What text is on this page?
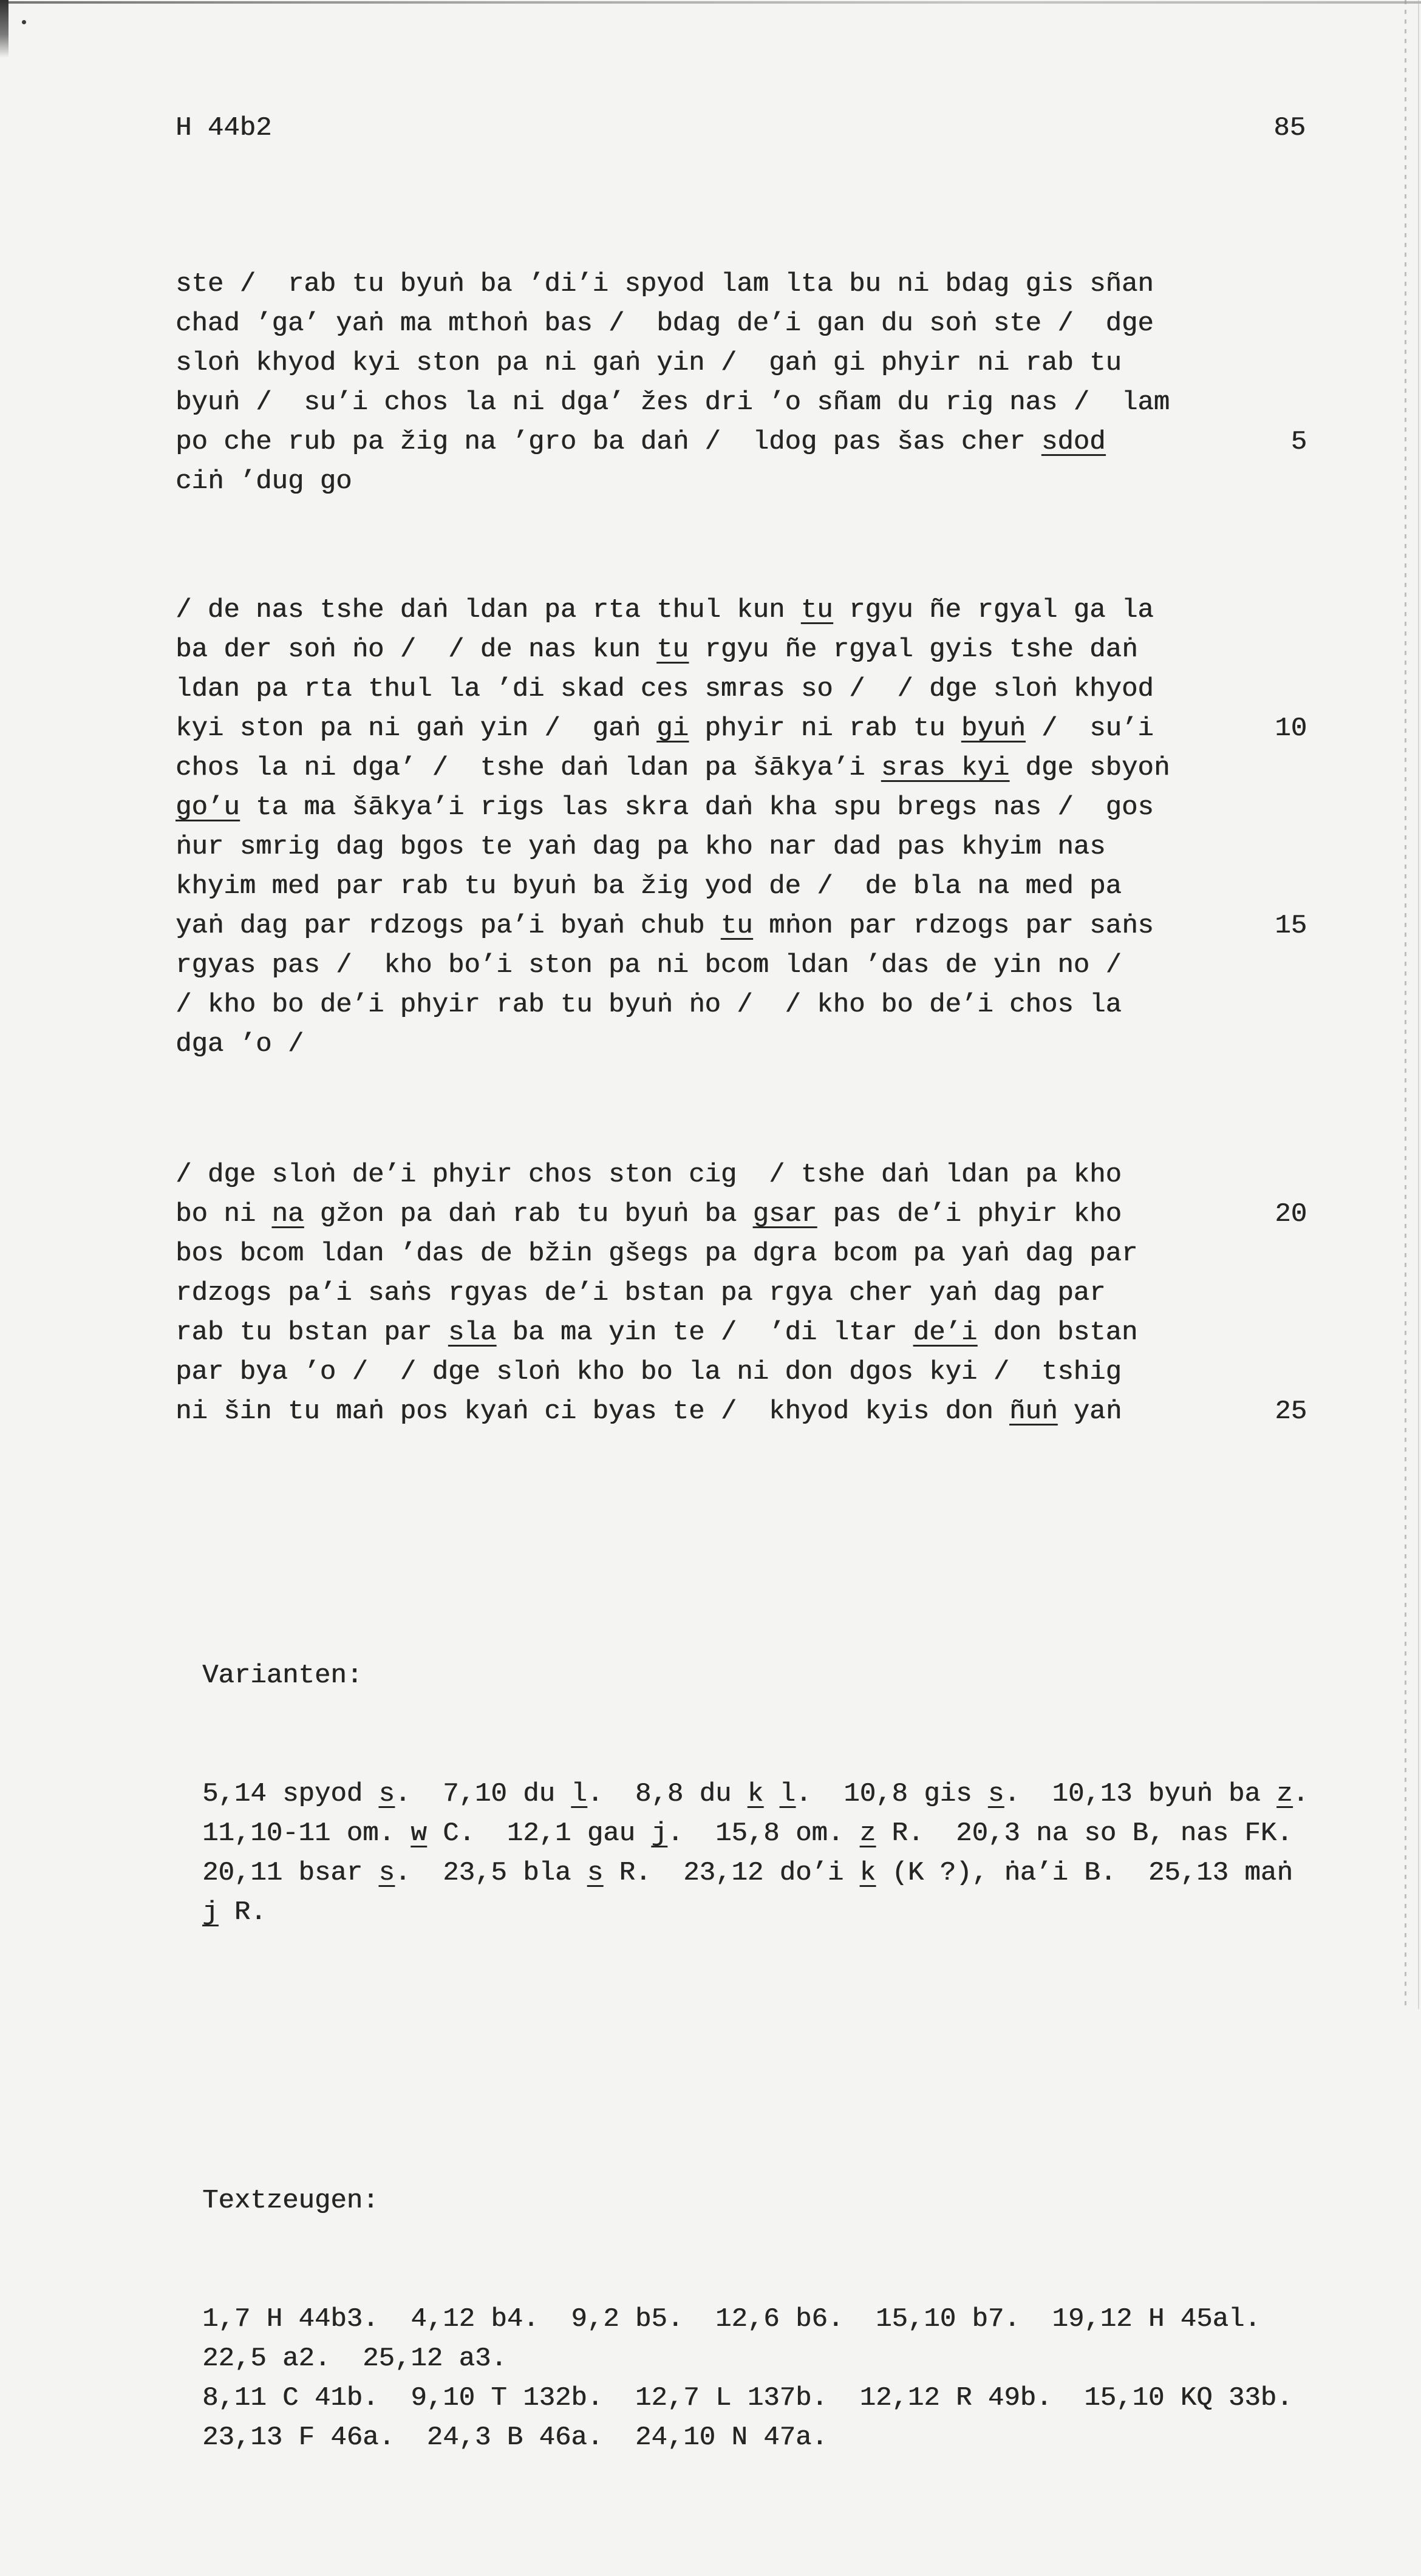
H 44b2	85

ste /  rab tu byuṅ ba ’di’i spyod lam lta bu ni bdag gis sñan
chad ’ga’ yaṅ ma mthoṅ bas /  bdag de’i gan du soṅ ste /  dge
sloṅ khyod kyi ston pa ni gaṅ yin /  gaṅ gi phyir ni rab tu
byuṅ /  su’i chos la ni dga’ žes dri ’o sñam du rig nas /  lam
po che rub pa žig na ’gro ba daṅ /  ldog pas šas cher sdod	5
ciṅ ’dug go

/ de nas tshe daṅ ldan pa rta thul kun tu rgyu ñe rgyal ga la
ba der soṅ ṅo /  / de nas kun tu rgyu ñe rgyal gyis tshe daṅ
ldan pa rta thul la ’di skad ces smras so /  / dge sloṅ khyod
kyi ston pa ni gaṅ yin /  gaṅ gi phyir ni rab tu byuṅ /  su’i	10
chos la ni dga’ /  tshe daṅ ldan pa šākya’i sras kyi dge sbyoṅ
go’u ta ma šākya’i rigs las skra daṅ kha spu bregs nas /  gos
ṅur smrig dag bgos te yaṅ dag pa kho nar dad pas khyim nas
khyim med par rab tu byuṅ ba žig yod de /  de bla na med pa
yaṅ dag par rdzogs pa’i byaṅ chub tu mṅon par rdzogs par saṅs	15
rgyas pas /  kho bo’i ston pa ni bcom ldan ’das de yin no /
/ kho bo de’i phyir rab tu byuṅ ṅo /  / kho bo de’i chos la
dga ’o /

/ dge sloṅ de’i phyir chos ston cig  / tshe daṅ ldan pa kho
bo ni na gžon pa daṅ rab tu byuṅ ba gsar pas de’i phyir kho	20
bos bcom ldan ’das de bžin gšegs pa dgra bcom pa yaṅ dag par
rdzogs pa’i saṅs rgyas de’i bstan pa rgya cher yaṅ dag par
rab tu bstan par sla ba ma yin te /  ’di ltar de’i don bstan
par bya ’o /  / dge sloṅ kho bo la ni don dgos kyi /  tshig
ni šin tu maṅ pos kyaṅ ci byas te /  khyod kyis don ñuṅ yaṅ	25

Varianten:

5,14 spyod s.  7,10 du l.  8,8 du k l.  10,8 gis s.  10,13 byuṅ ba z.
11,10-11 om. w C.  12,1 gau j.  15,8 om. z R.  20,3 na so B, nas FK.
20,11 bsar s.  23,5 bla s R.  23,12 do’i k (K ?), ṅa’i B.  25,13 maṅ
j R.

Textzeugen:

1,7 H 44b3.  4,12 b4.  9,2 b5.  12,6 b6.  15,10 b7.  19,12 H 45al.
22,5 a2.  25,12 a3.
8,11 C 41b.  9,10 T 132b.  12,7 L 137b.  12,12 R 49b.  15,10 KQ 33b.
23,13 F 46a.  24,3 B 46a.  24,10 N 47a.
